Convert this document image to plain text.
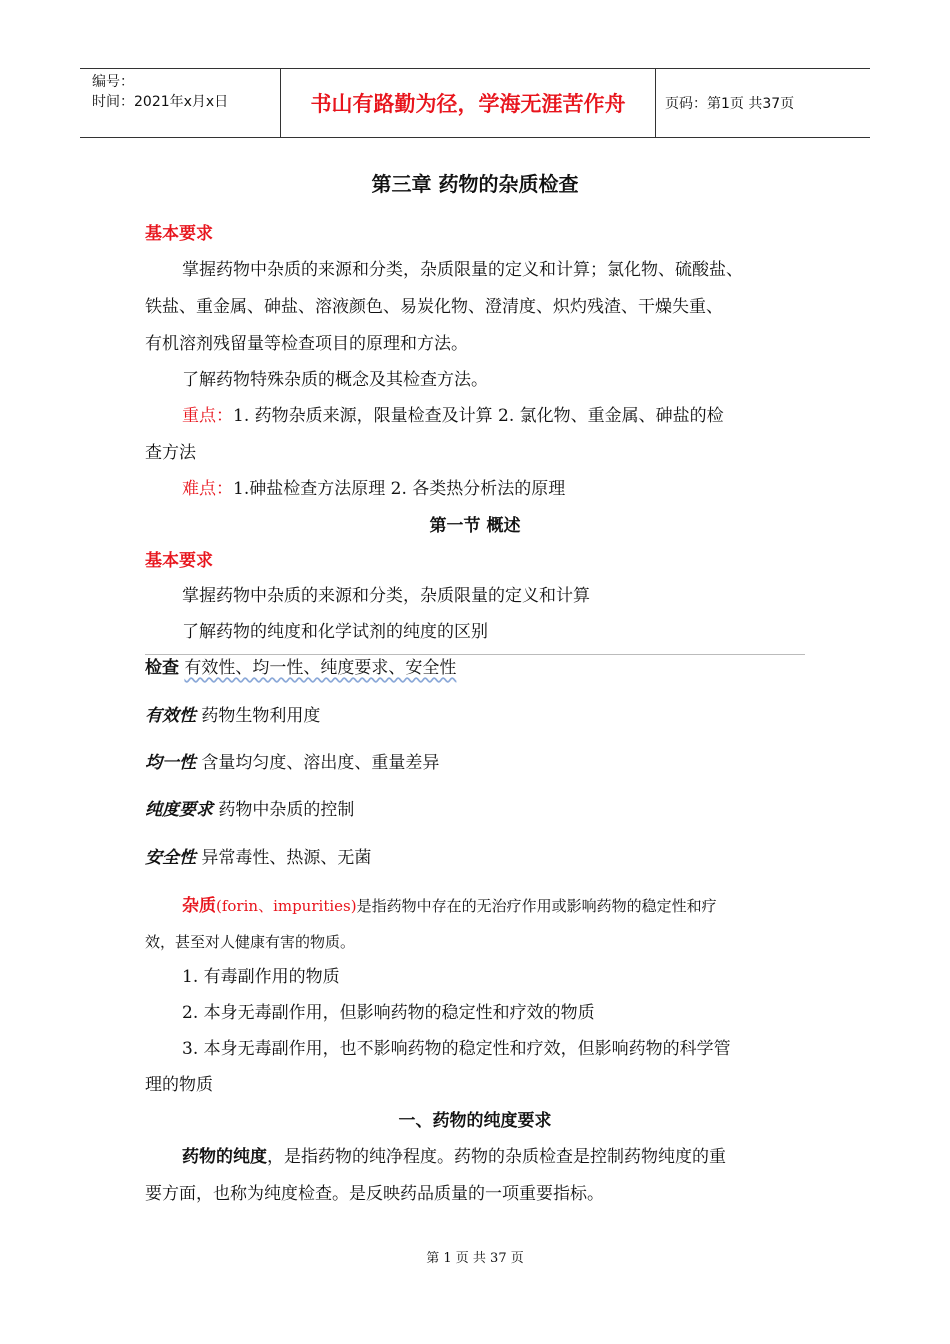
编号：
时间：2021年x月x日	书山有路勤为径，学海无涯苦作舟	页码：第1页 共37页
第三章 药物的杂质检查
基本要求
掌握药物中杂质的来源和分类，杂质限量的定义和计算；氯化物、硫酸盐、
铁盐、重金属、砷盐、溶液颜色、易炭化物、澄清度、炽灼残渣、干燥失重、
有机溶剂残留量等检查项目的原理和方法。
了解药物特殊杂质的概念及其检查方法。
重点：1. 药物杂质来源，限量检查及计算 2. 氯化物、重金属、砷盐的检
查方法
难点：1.砷盐检查方法原理 2. 各类热分析法的原理
第一节 概述
基本要求
掌握药物中杂质的来源和分类，杂质限量的定义和计算
了解药物的纯度和化学试剂的纯度的区别
检查 有效性、均一性、纯度要求、安全性
有效性 药物生物利用度
均一性 含量均匀度、溶出度、重量差异
纯度要求 药物中杂质的控制
安全性 异常毒性、热源、无菌
杂质(forin、impurities)是指药物中存在的无治疗作用或影响药物的稳定性和疗
效，甚至对人健康有害的物质。
1. 有毒副作用的物质
2. 本身无毒副作用，但影响药物的稳定性和疗效的物质
3. 本身无毒副作用，也不影响药物的稳定性和疗效，但影响药物的科学管
理的物质
一、药物的纯度要求
药物的纯度，是指药物的纯净程度。药物的杂质检查是控制药物纯度的重
要方面，也称为纯度检查。是反映药品质量的一项重要指标。
第 1 页 共 37 页
